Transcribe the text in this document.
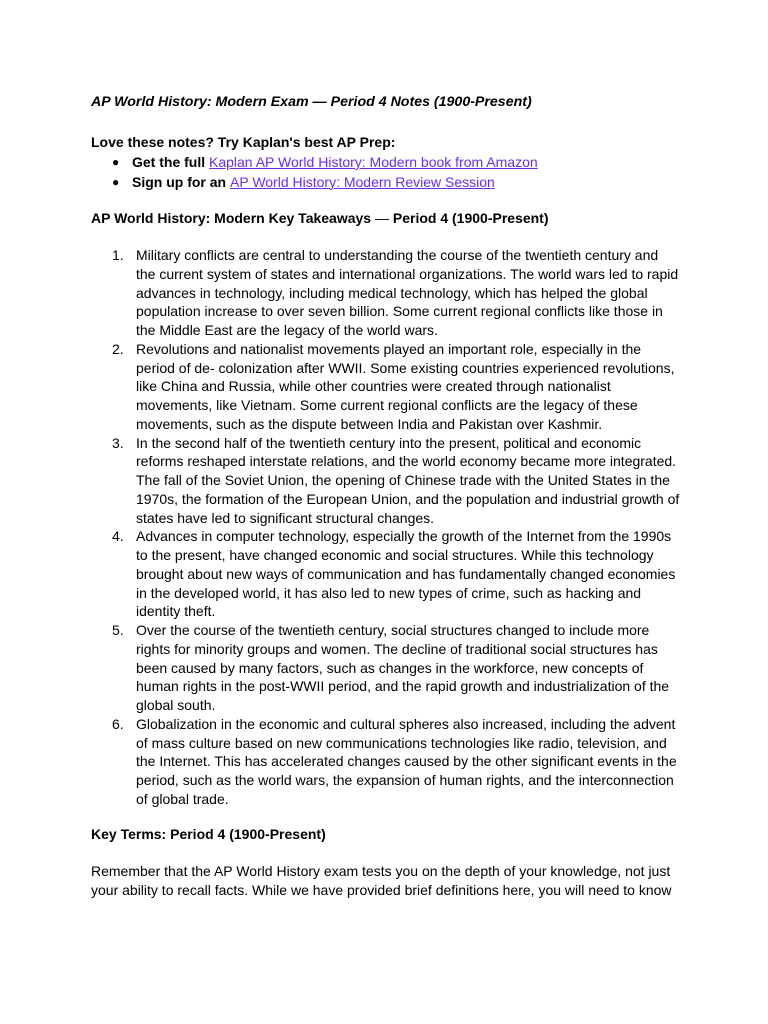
AP World History: Modern Exam — Period 4 Notes (1900-Present)

Love these notes? Try Kaplan's best AP Prep:

● Get the full Kaplan AP World History: Modern book from Amazon
● Sign up for an AP World History: Modern Review Session

AP World History: Modern Key Takeaways — Period 4 (1900-Present)

1. Military conflicts are central to understanding the course of the twentieth century and the current system of states and international organizations. The world wars led to rapid advances in technology, including medical technology, which has helped the global population increase to over seven billion. Some current regional conflicts like those in the Middle East are the legacy of the world wars.
2. Revolutions and nationalist movements played an important role, especially in the period of de- colonization after WWII. Some existing countries experienced revolutions, like China and Russia, while other countries were created through nationalist movements, like Vietnam. Some current regional conflicts are the legacy of these movements, such as the dispute between India and Pakistan over Kashmir.
3. In the second half of the twentieth century into the present, political and economic reforms reshaped interstate relations, and the world economy became more integrated. The fall of the Soviet Union, the opening of Chinese trade with the United States in the 1970s, the formation of the European Union, and the population and industrial growth of states have led to significant structural changes.
4. Advances in computer technology, especially the growth of the Internet from the 1990s to the present, have changed economic and social structures. While this technology brought about new ways of communication and has fundamentally changed economies in the developed world, it has also led to new types of crime, such as hacking and identity theft.
5. Over the course of the twentieth century, social structures changed to include more rights for minority groups and women. The decline of traditional social structures has been caused by many factors, such as changes in the workforce, new concepts of human rights in the post-WWII period, and the rapid growth and industrialization of the global south.
6. Globalization in the economic and cultural spheres also increased, including the advent of mass culture based on new communications technologies like radio, television, and the Internet. This has accelerated changes caused by the other significant events in the period, such as the world wars, the expansion of human rights, and the interconnection of global trade.

Key Terms: Period 4 (1900-Present)

Remember that the AP World History exam tests you on the depth of your knowledge, not just your ability to recall facts. While we have provided brief definitions here, you will need to know
